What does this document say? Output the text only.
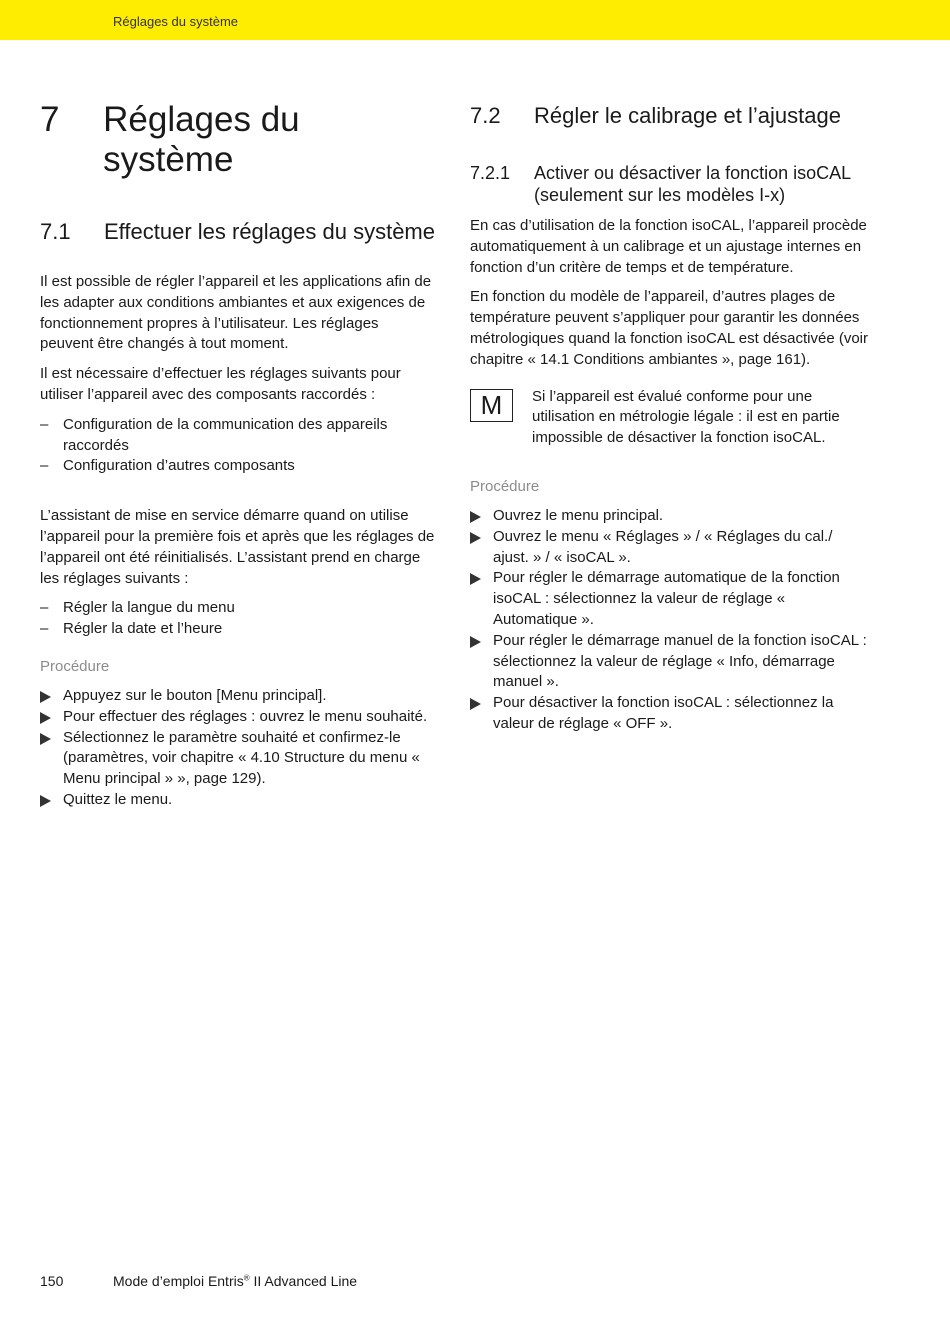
Réglages du système
7	Réglages du système
7.1	Effectuer les réglages du système

Il est possible de régler l’appareil et les applications afin de les adapter aux conditions ambiantes et aux exigences de fonctionnement propres à l’utilisateur. Les réglages peuvent être changés à tout moment.

Il est nécessaire d’effectuer les réglages suivants pour utiliser l’appareil avec des composants raccordés :

– Configuration de la communication des appareils raccordés
– Configuration d’autres composants

L’assistant de mise en service démarre quand on utilise l’appareil pour la première fois et après que les réglages de l’appareil ont été réinitialisés. L’assistant prend en charge les réglages suivants :

– Régler la langue du menu
– Régler la date et l’heure
Procédure
Appuyez sur le bouton [Menu principal].
Pour effectuer des réglages : ouvrez le menu souhaité.
Sélectionnez le paramètre souhaité et confirmez-le (paramètres, voir chapitre « 4.10 Structure du menu « Menu principal » », page 129).
Quittez le menu.
7.2	Régler le calibrage et l’ajustage
7.2.1	Activer ou désactiver la fonction isoCAL (seulement sur les modèles I-x)

En cas d’utilisation de la fonction isoCAL, l’appareil procède automatiquement à un calibrage et un ajustage internes en fonction d’un critère de temps et de température.

En fonction du modèle de l’appareil, d’autres plages de température peuvent s’appliquer pour garantir les données métrologiques quand la fonction isoCAL est désactivée (voir chapitre « 14.1 Conditions ambiantes », page 161).

M	Si l’appareil est évalué conforme pour une utilisation en métrologie légale : il est en partie impossible de désactiver la fonction isoCAL.

Procédure
Ouvrez le menu principal.
Ouvrez le menu « Réglages » / « Réglages du cal./ ajust. » / « isoCAL ».
Pour régler le démarrage automatique de la fonction isoCAL : sélectionnez la valeur de réglage « Automatique ».
Pour régler le démarrage manuel de la fonction isoCAL : sélectionnez la valeur de réglage « Info, démarrage manuel ».
Pour désactiver la fonction isoCAL : sélectionnez la valeur de réglage « OFF ».
150	Mode d’emploi Entris® II Advanced Line
